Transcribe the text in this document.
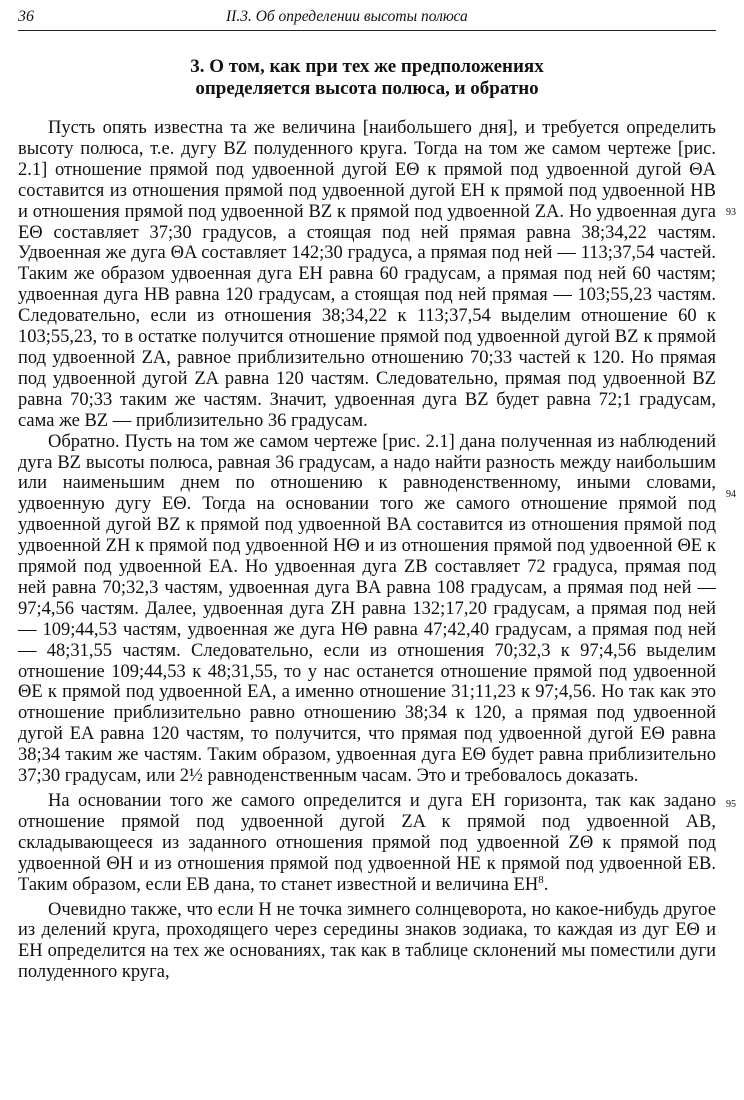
36	II.3. Об определении высоты полюса
3. О том, как при тех же предположениях
определяется высота полюса, и обратно

Пусть опять известна та же величина [наибольшего дня], и требуется определить высоту полюса, т.е. дугу BZ полуденного круга. Тогда на том же самом чертеже [рис. 2.1] отношение прямой под удвоенной дугой EΘ к прямой под удвоенной дугой ΘA составится из отношения прямой под удвоенной дугой EH к прямой под удвоенной HB и отношения прямой под удвоенной BZ к прямой под удвоенной ZA. Но удвоенная дуга EΘ составляет 37;30 градусов, а стоящая под ней прямая равна 38;34,22 частям. Удвоенная же дуга ΘA составляет 142;30 градуса, а прямая под ней — 113;37,54 частей. Таким же образом удвоенная дуга EH равна 60 градусам, а прямая под ней 60 частям; удвоенная дуга HB равна 120 градусам, а стоящая под ней прямая — 103;55,23 частям. Следовательно, если из отношения 38;34,22 к 113;37,54 выделим отношение 60 к 103;55,23, то в остатке получится отношение прямой под удвоенной дугой BZ к прямой под удвоенной ZA, равное приблизительно отношению 70;33 частей к 120. Но прямая под удвоенной дугой ZA равна 120 частям. Следовательно, прямая под удвоенной BZ равна 70;33 таким же частям. Значит, удвоенная дуга BZ будет равна 72;1 градусам, сама же BZ — приблизительно 36 градусам.

Обратно. Пусть на том же самом чертеже [рис. 2.1] дана полученная из наблюдений дуга BZ высоты полюса, равная 36 градусам, а надо найти разность между наибольшим или наименьшим днем по отношению к равноденственному, иными словами, удвоенную дугу EΘ. Тогда на основании того же самого отношение прямой под удвоенной дугой BZ к прямой под удвоенной BA составится из отношения прямой под удвоенной ZH к прямой под удвоенной HΘ и из отношения прямой под удвоенной ΘE к прямой под удвоенной EA. Но удвоенная дуга ZB составляет 72 градуса, прямая под ней равна 70;32,3 частям, удвоенная дуга BA равна 108 градусам, а прямая под ней — 97;4,56 частям. Далее, удвоенная дуга ZH равна 132;17,20 градусам, а прямая под ней — 109;44,53 частям, удвоенная же дуга HΘ равна 47;42,40 градусам, а прямая под ней — 48;31,55 частям. Следовательно, если из отношения 70;32,3 к 97;4,56 выделим отношение 109;44,53 к 48;31,55, то у нас останется отношение прямой под удвоенной ΘE к прямой под удвоенной EA, а именно отношение 31;11,23 к 97;4,56. Но так как это отношение приблизительно равно отношению 38;34 к 120, а прямая под удвоенной дугой EA равна 120 частям, то получится, что прямая под удвоенной дугой EΘ равна 38;34 таким же частям. Таким образом, удвоенная дуга EΘ будет равна приблизительно 37;30 градусам, или 2½ равноденственным часам. Это и требовалось доказать.

На основании того же самого определится и дуга EH горизонта, так как задано отношение прямой под удвоенной дугой ZA к прямой под удвоенной AB, складывающееся из заданного отношения прямой под удвоенной ZΘ к прямой под удвоенной ΘH и из отношения прямой под удвоенной HE к прямой под удвоенной EB. Таким образом, если EB дана, то станет известной и величина $EH^8$.

Очевидно также, что если H не точка зимнего солнцеворота, но какое-нибудь другое из делений круга, проходящего через середины знаков зодиака, то каждая из дуг EΘ и EH определится на тех же основаниях, так как в таблице склонений мы поместили дуги полуденного круга,

93
94
95
